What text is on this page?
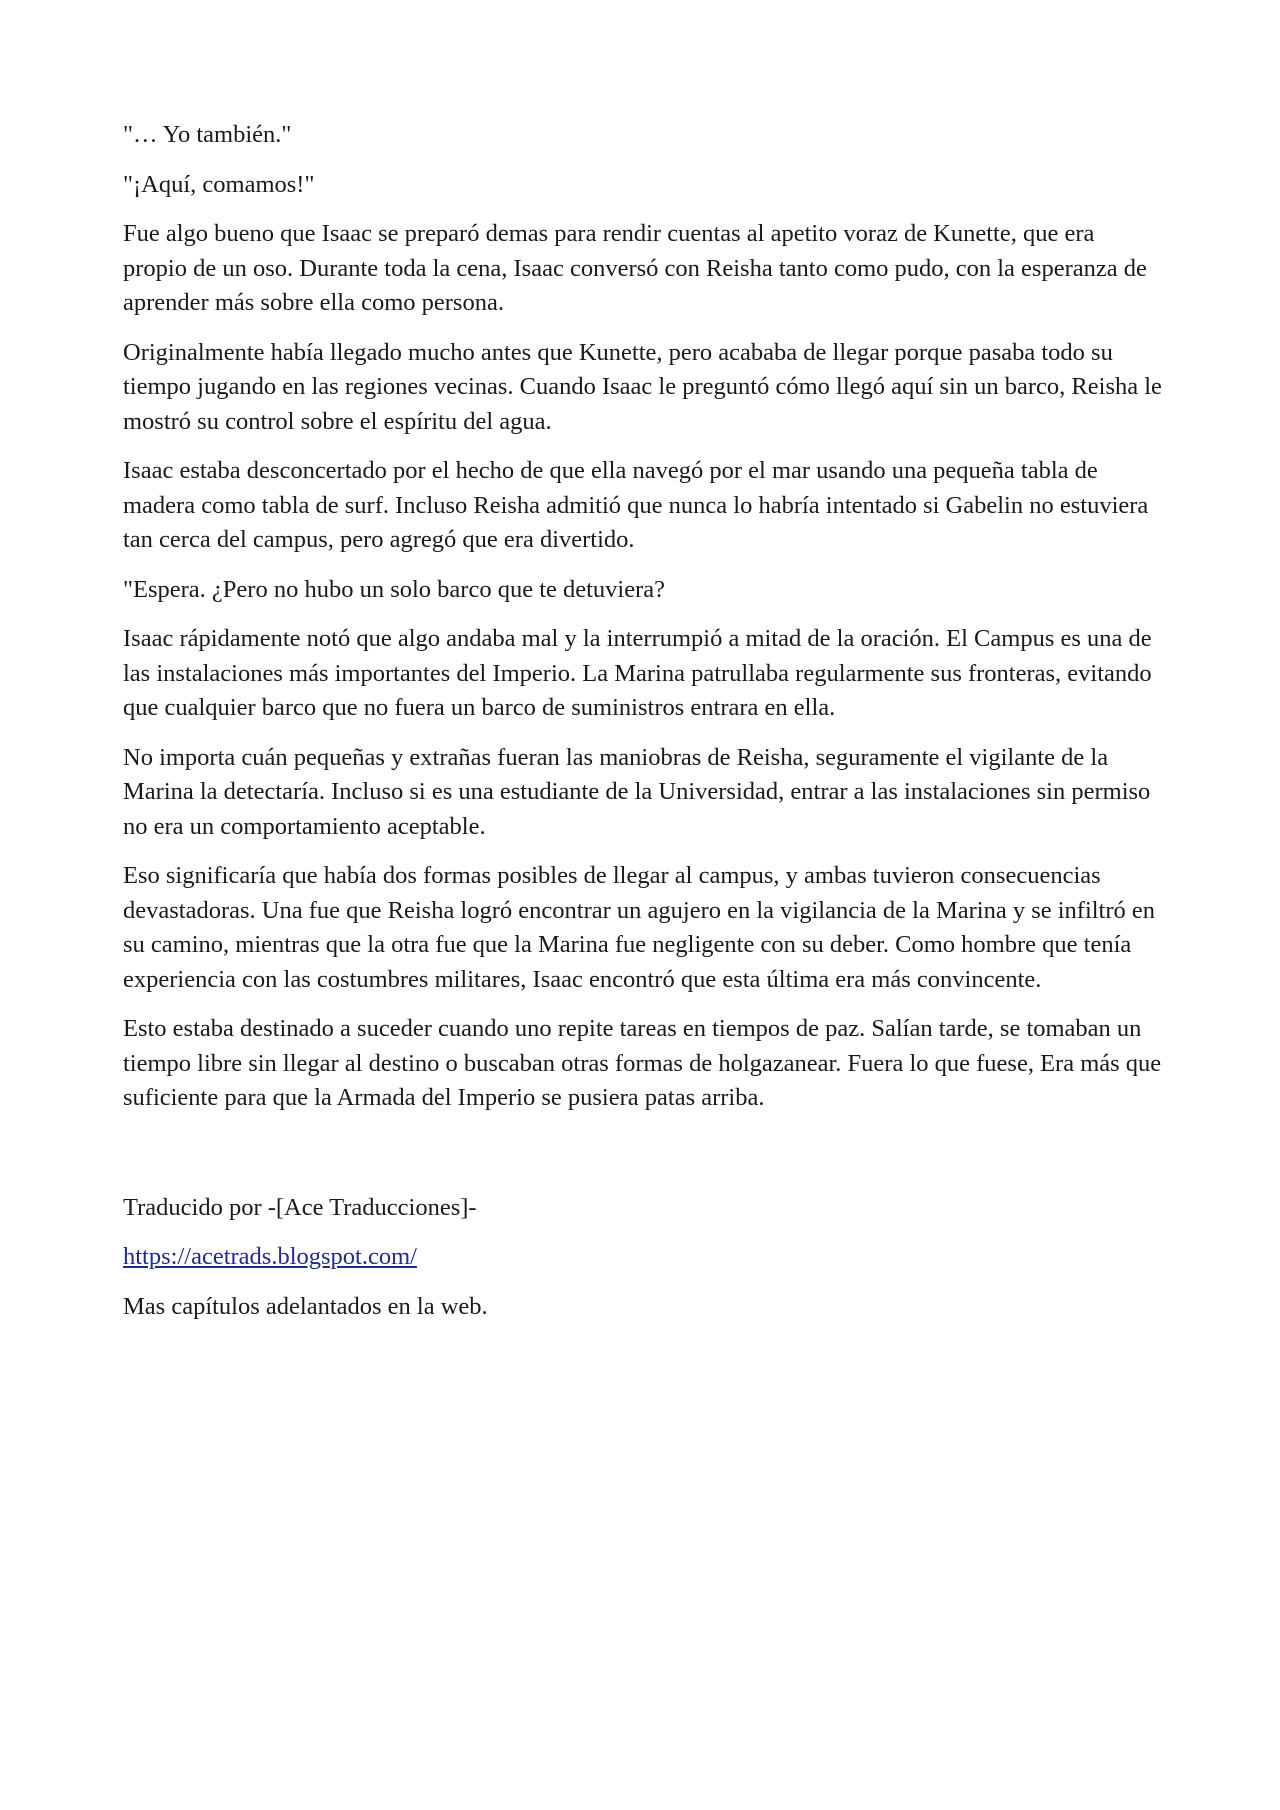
"… Yo también."

"¡Aquí, comamos!"

Fue algo bueno que Isaac se preparó demas para rendir cuentas al apetito voraz de Kunette, que era propio de un oso. Durante toda la cena, Isaac conversó con Reisha tanto como pudo, con la esperanza de aprender más sobre ella como persona.

Originalmente había llegado mucho antes que Kunette, pero acababa de llegar porque pasaba todo su tiempo jugando en las regiones vecinas. Cuando Isaac le preguntó cómo llegó aquí sin un barco, Reisha le mostró su control sobre el espíritu del agua.

Isaac estaba desconcertado por el hecho de que ella navegó por el mar usando una pequeña tabla de madera como tabla de surf. Incluso Reisha admitió que nunca lo habría intentado si Gabelin no estuviera tan cerca del campus, pero agregó que era divertido.

"Espera. ¿Pero no hubo un solo barco que te detuviera?

Isaac rápidamente notó que algo andaba mal y la interrumpió a mitad de la oración. El Campus es una de las instalaciones más importantes del Imperio. La Marina patrullaba regularmente sus fronteras, evitando que cualquier barco que no fuera un barco de suministros entrara en ella.

No importa cuán pequeñas y extrañas fueran las maniobras de Reisha, seguramente el vigilante de la Marina la detectaría. Incluso si es una estudiante de la Universidad, entrar a las instalaciones sin permiso no era un comportamiento aceptable.

Eso significaría que había dos formas posibles de llegar al campus, y ambas tuvieron consecuencias devastadoras. Una fue que Reisha logró encontrar un agujero en la vigilancia de la Marina y se infiltró en su camino, mientras que la otra fue que la Marina fue negligente con su deber. Como hombre que tenía experiencia con las costumbres militares, Isaac encontró que esta última era más convincente.

Esto estaba destinado a suceder cuando uno repite tareas en tiempos de paz. Salían tarde, se tomaban un tiempo libre sin llegar al destino o buscaban otras formas de holgazanear. Fuera lo que fuese, Era más que suficiente para que la Armada del Imperio se pusiera patas arriba.

Traducido por -[Ace Traducciones]-

https://acetrads.blogspot.com/

Mas capítulos adelantados en la web.
